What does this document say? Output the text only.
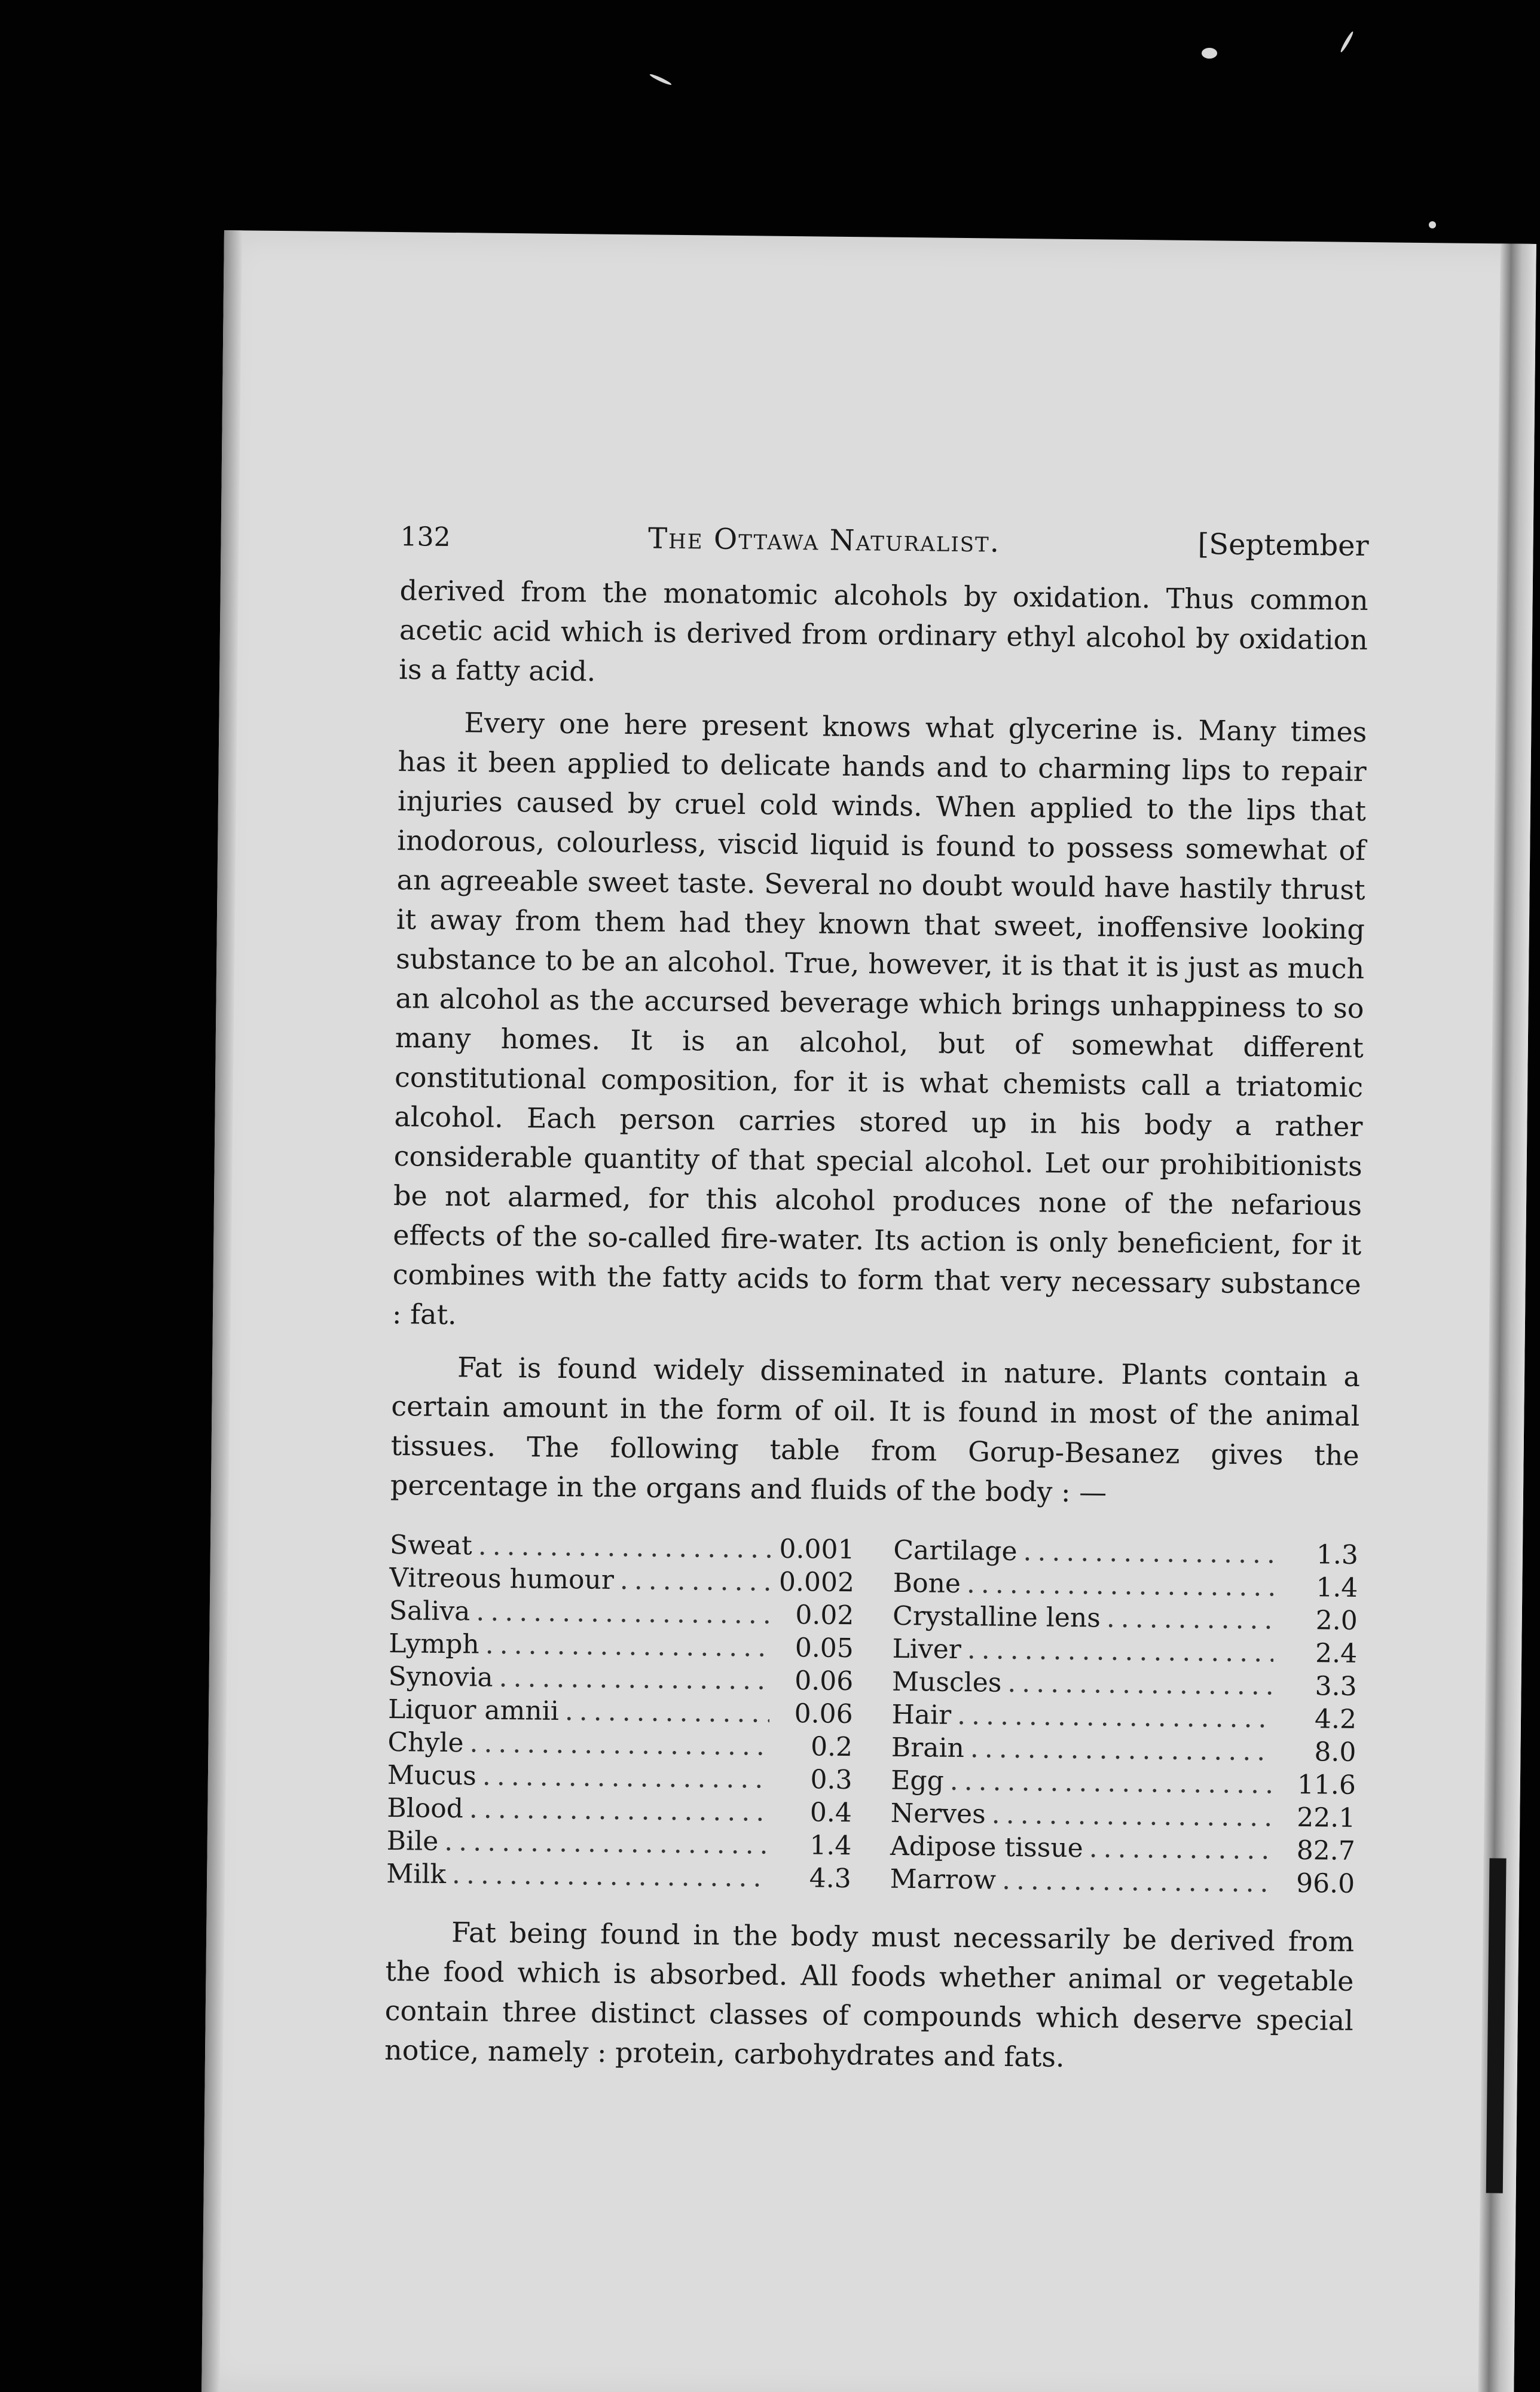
132	The Ottawa Naturalist.	[September

derived from the monatomic alcohols by oxidation. Thus common acetic acid which is derived from ordinary ethyl alcohol by oxidation is a fatty acid.

Every one here present knows what glycerine is. Many times has it been applied to delicate hands and to charming lips to repair injuries caused by cruel cold winds. When applied to the lips that inodorous, colourless, viscid liquid is found to possess somewhat of an agreeable sweet taste. Several no doubt would have hastily thrust it away from them had they known that sweet, inoffensive looking substance to be an alcohol. True, however, it is that it is just as much an alcohol as the accursed beverage which brings unhappiness to so many homes. It is an alcohol, but of somewhat different constitutional composition, for it is what chemists call a triatomic alcohol. Each person carries stored up in his body a rather considerable quantity of that special alcohol. Let our prohibitionists be not alarmed, for this alcohol produces none of the nefarious effects of the so-called fire-water. Its action is only beneficient, for it combines with the fatty acids to form that very necessary substance : fat.

Fat is found widely disseminated in nature. Plants contain a certain amount in the form of oil. It is found in most of the animal tissues. The following table from Gorup-Besanez gives the percentage in the organs and fluids of the body : —

Sweat . . .	0.001
Vitreous humour . . .	0.002
Saliva . . .	0.02
Lymph . . .	0.05
Synovia . . .	0.06
Liquor amnii . . .	0.06
Chyle . . .	0.2
Mucus . . .	0.3
Blood . . .	0.4
Bile . . .	1.4
Milk . . .	4.3
Cartilage . . .	1.3
Bone . . .	1.4
Crystalline lens . . .	2.0
Liver . . .	2.4
Muscles . . .	3.3
Hair . . .	4.2
Brain . . .	8.0
Egg . . .	11.6
Nerves . . .	22.1
Adipose tissue . . .	82.7
Marrow . . .	96.0

Fat being found in the body must necessarily be derived from the food which is absorbed. All foods whether animal or vegetable contain three distinct classes of compounds which deserve special notice, namely : protein, carbohydrates and fats.
